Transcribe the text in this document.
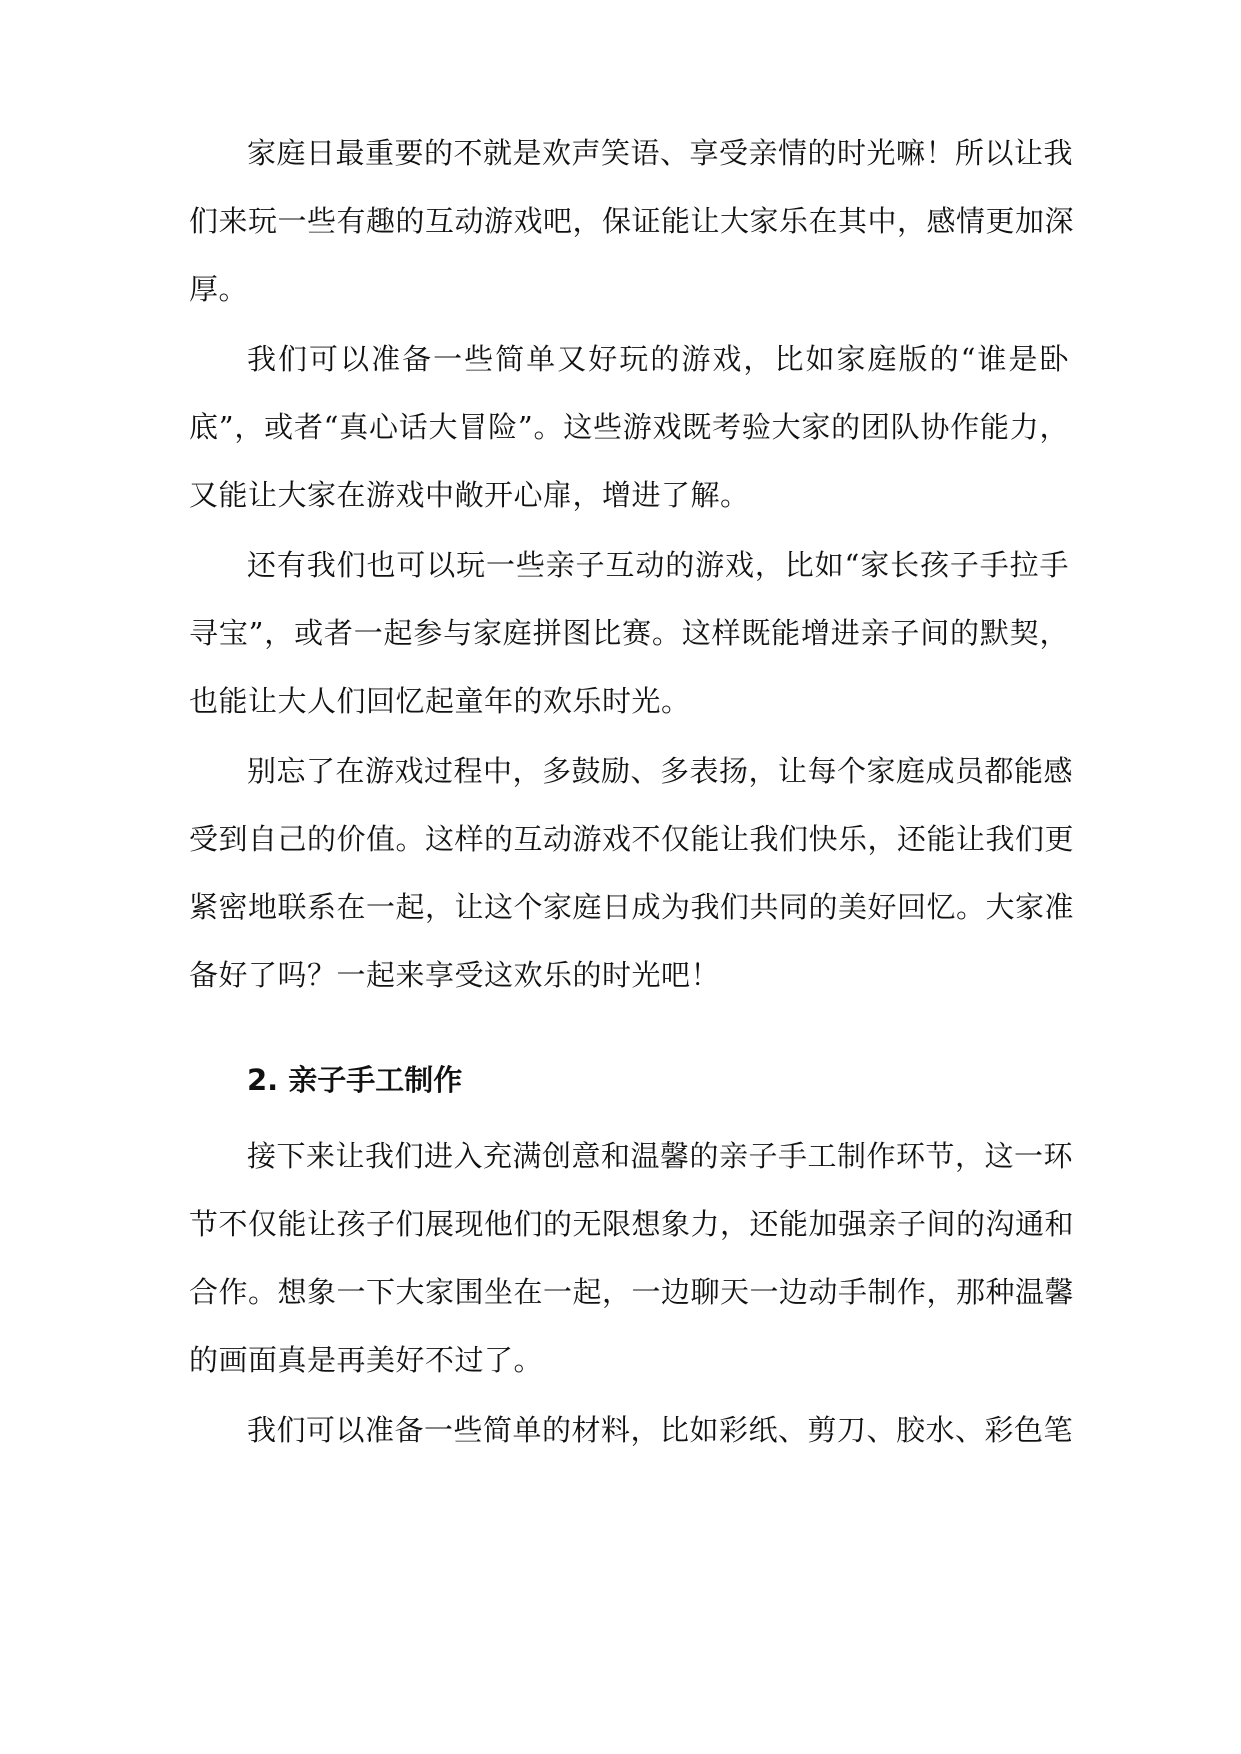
家庭日最重要的不就是欢声笑语、享受亲情的时光嘛！所以让我
们来玩一些有趣的互动游戏吧，保证能让大家乐在其中，感情更加深
厚。
我们可以准备一些简单又好玩的游戏，比如家庭版的“谁是卧
底”，或者“真心话大冒险”。这些游戏既考验大家的团队协作能力，
又能让大家在游戏中敞开心扉，增进了解。
还有我们也可以玩一些亲子互动的游戏，比如“家长孩子手拉手
寻宝”，或者一起参与家庭拼图比赛。这样既能增进亲子间的默契，
也能让大人们回忆起童年的欢乐时光。
别忘了在游戏过程中，多鼓励、多表扬，让每个家庭成员都能感
受到自己的价值。这样的互动游戏不仅能让我们快乐，还能让我们更
紧密地联系在一起，让这个家庭日成为我们共同的美好回忆。大家准
备好了吗？一起来享受这欢乐的时光吧！
2. 亲子手工制作
接下来让我们进入充满创意和温馨的亲子手工制作环节，这一环
节不仅能让孩子们展现他们的无限想象力，还能加强亲子间的沟通和
合作。想象一下大家围坐在一起，一边聊天一边动手制作，那种温馨
的画面真是再美好不过了。
我们可以准备一些简单的材料，比如彩纸、剪刀、胶水、彩色笔
